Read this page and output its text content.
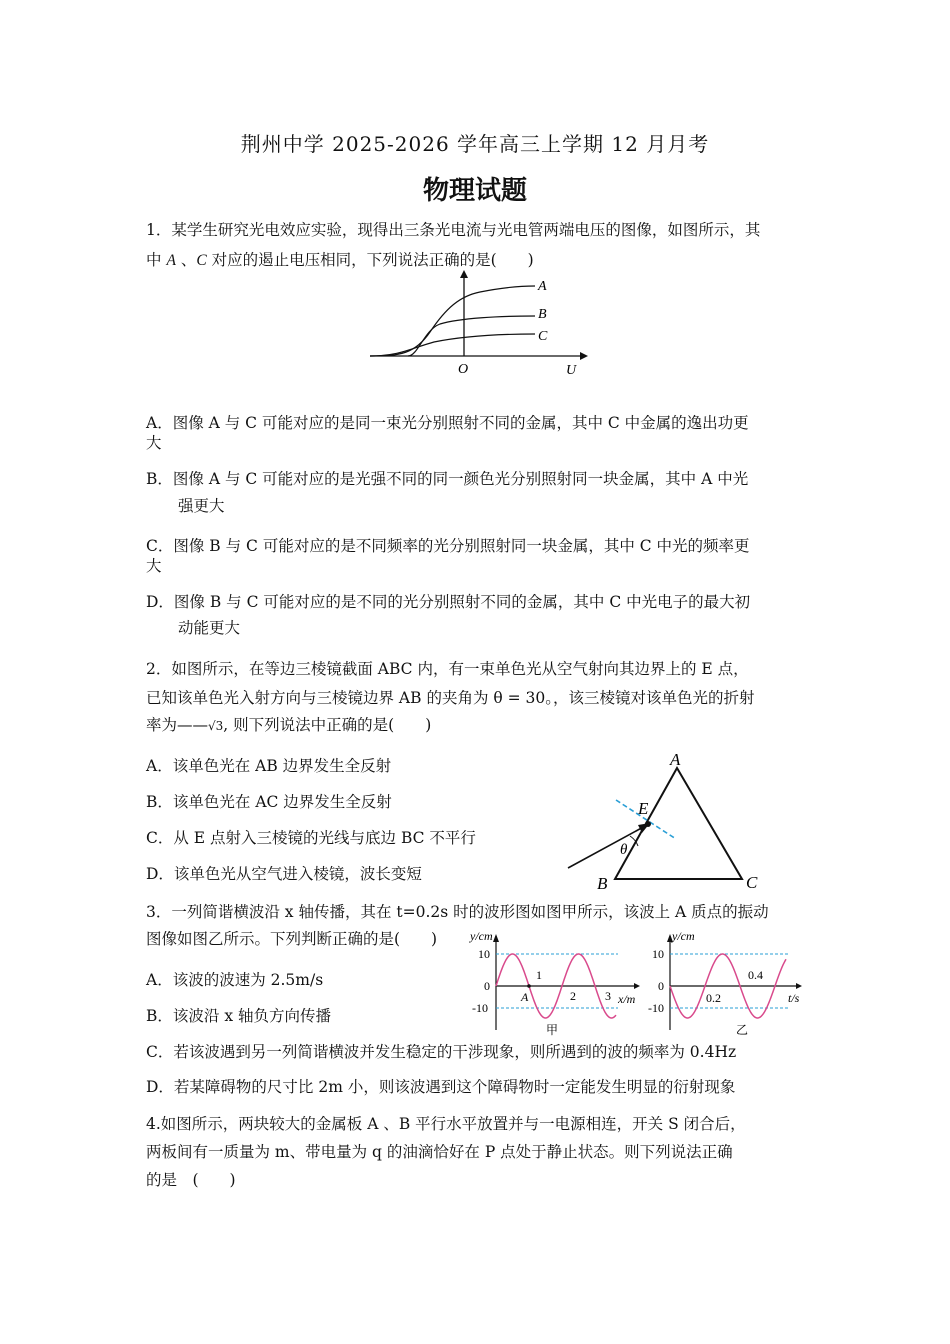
荆州中学 2025-2026 学年高三上学期 12 月月考
物理试题
1．某学生研究光电效应实验，现得出三条光电流与光电管两端电压的图像，如图所示，其
中 A 、C 对应的遏止电压相同，下列说法正确的是(　　)
A
B
C
O	U
A．图像 A 与 C 可能对应的是同一束光分别照射不同的金属，其中 C 中金属的逸出功更
大
B．图像 A 与 C 可能对应的是光强不同的同一颜色光分别照射同一块金属，其中 A 中光
强更大
C．图像 B 与 C 可能对应的是不同频率的光分别照射同一块金属，其中 C 中光的频率更
大
D．图像 B 与 C 可能对应的是不同的光分别照射不同的金属，其中 C 中光电子的最大初
动能更大
2．如图所示，在等边三棱镜截面 ABC 内，有一束单色光从空气射向其边界上的 E 点，
已知该单色光入射方向与三棱镜边界 AB 的夹角为 θ = 30。，该三棱镜对该单色光的折射
率为——√3, 则下列说法中正确的是(　　)
A．该单色光在 AB 边界发生全反射
B．该单色光在 AC 边界发生全反射
C．从 E 点射入三棱镜的光线与底边 BC 不平行
D．该单色光从空气进入棱镜，波长变短
A
B	C
E
θ
3．一列简谐横波沿 x 轴传播，其在 t=0.2s 时的波形图如图甲所示，该波上 A 质点的振动
图像如图乙所示。下列判断正确的是(　　)
A．该波的波速为 2.5m/s
B．该波沿 x 轴负方向传播
C．若该波遇到另一列简谐横波并发生稳定的干涉现象，则所遇到的波的频率为 0.4Hz
D．若某障碍物的尺寸比 2m 小，则该波遇到这个障碍物时一定能发生明显的衍射现象
y/cm
10
0
-10
1
2 3
A	x/m
甲
y/cm
10
0
-10
0.2
0.4
t/s
乙
4.如图所示，两块较大的金属板 A 、B 平行水平放置并与一电源相连，开关 S 闭合后，
两板间有一质量为 m、带电量为 q 的油滴恰好在 P 点处于静止状态。则下列说法正确
的是　(　　)
